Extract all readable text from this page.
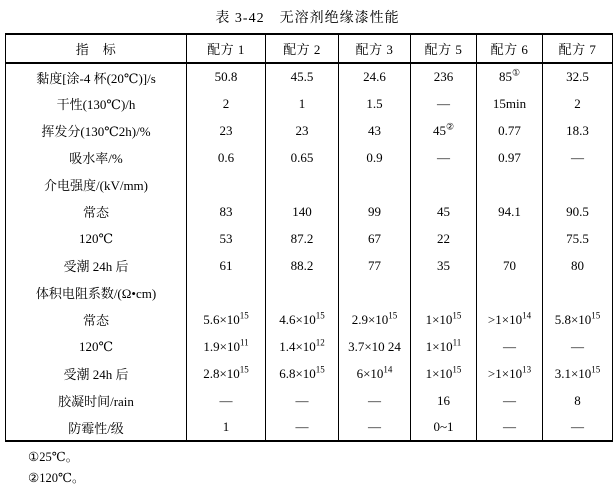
表 3-42　无溶剂绝缘漆性能
指　标	配方 1	配方 2	配方 3	配方 5	配方 6	配方 7
黏度[涂-4 杯(20℃)]/s	50.8	45.5	24.6	236	85①	32.5
干性(130℃)/h	2	1	1.5	—	15min	2
挥发分(130℃2h)/%	23	23	43	45②	0.77	18.3
吸水率/%	0.6	0.65	0.9	—	0.97	—
介电强度/(kV/mm)						
常态	83	140	99	45	94.1	90.5
120℃	53	87.2	67	22		75.5
受潮 24h 后	61	88.2	77	35	70	80
体积电阻系数/(Ω•cm)						
常态	$5.6\times 10^{15}$	$4.6\times 10^{15}$	$2.9\times 10^{15}$	$1\times 10^{15}$	$>1\times 10^{14}$	$5.8\times 10^{15}$
120℃	$1.9\times 10^{11}$	$1.4\times 10^{12}$	3.7×10 24	$1\times 10^{11}$	—	—
受潮 24h 后	$2.8\times 10^{15}$	$6.8\times 10^{15}$	$6\times 10^{14}$	$1\times 10^{15}$	$>1\times 10^{13}$	$3.1\times 10^{15}$
胶凝时间/rain	—	—	—	16	—	8
防霉性/级	1	—	—	0~1	—	—
①25℃。
②120℃。
